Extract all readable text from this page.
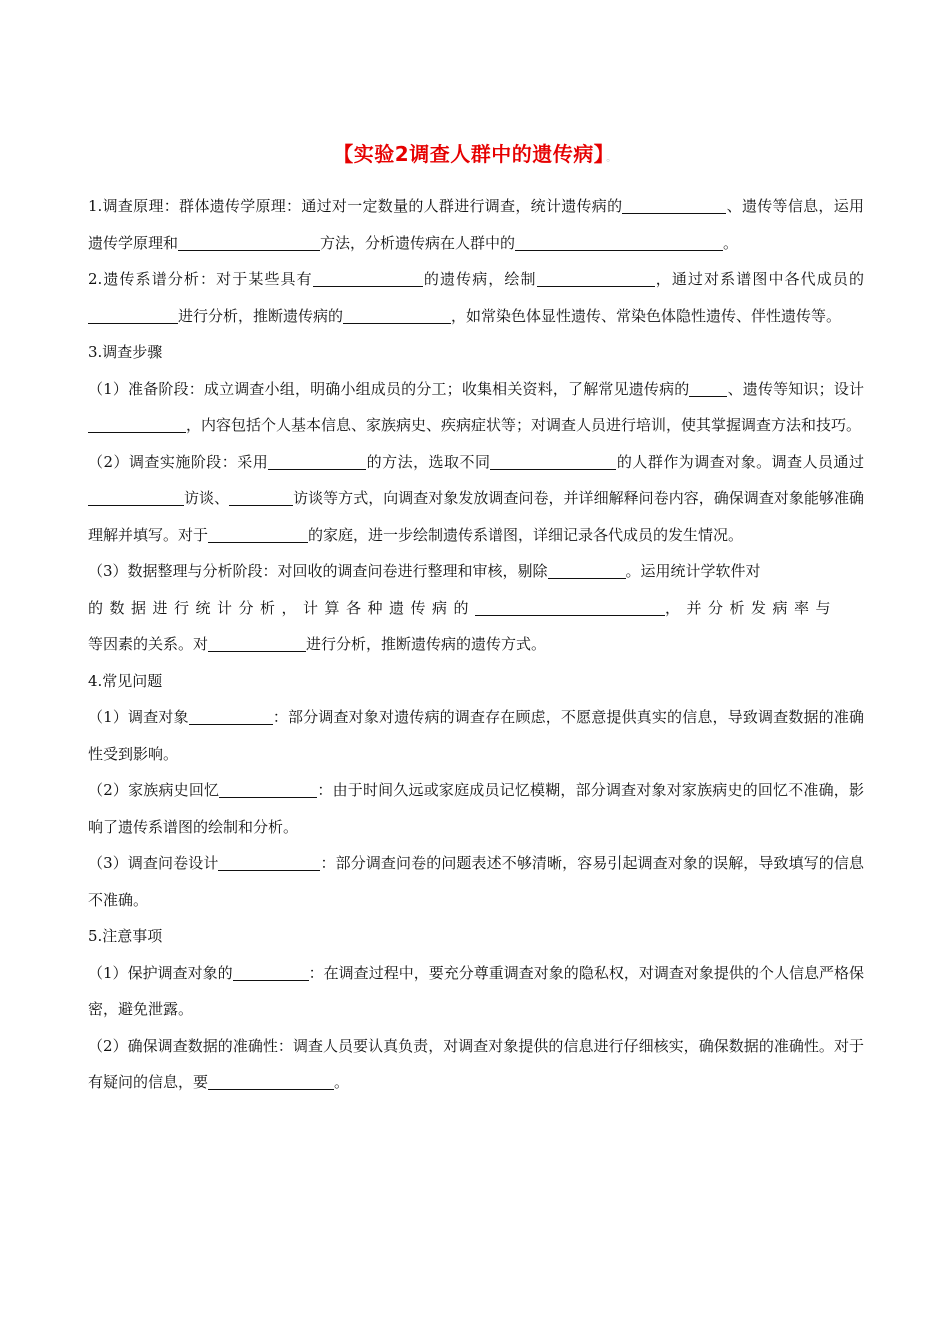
【实验2调查人群中的遗传病】 。

1.调查原理：群体遗传学原理：通过对一定数量的人群进行调查，统计遗传病的	、遗传等信息，运用遗传学原理和	方法，分析遗传病在人群中的	。

2.遗传系谱分析：对于某些具有	的遗传病，绘制	，通过对系谱图中各代成员的进行分析，推断遗传病的	，如常染色体显性遗传、常染色体隐性遗传、伴性遗传等。

3.调查步骤

（1）准备阶段：成立调查小组，明确小组成员的分工；收集相关资料，了解常见遗传病的	、遗传等知识；设计，内容包括个人基本信息、家族病史、疾病症状等；对调查人员进行培训，使其掌握调查方法和技巧。

（2）调查实施阶段：采用	的方法，选取不同	的人群作为调查对象。调查人员通过访谈、	访谈等方式，向调查对象发放调查问卷，并详细解释问卷内容，确保调查对象能够准确理解并填写。对于	的家庭，进一步绘制遗传系谱图，详细记录各代成员的发生情况。

（3）数据整理与分析阶段：对回收的调查问卷进行整理和审核，剔除	。运用统计学软件对
的数据进行统计分析，计算各种遗传病的	，并分析发病率与
等因素的关系。对	进行分析，推断遗传病的遗传方式。

4.常见问题

（1）调查对象	：部分调查对象对遗传病的调查存在顾虑，不愿意提供真实的信息，导致调查数据的准确性受到影响。

（2）家族病史回忆	：由于时间久远或家庭成员记忆模糊，部分调查对象对家族病史的回忆不准确，影响了遗传系谱图的绘制和分析。

（3）调查问卷设计	：部分调查问卷的问题表述不够清晰，容易引起调查对象的误解，导致填写的信息不准确。

5.注意事项

（1）保护调查对象的	：在调查过程中，要充分尊重调查对象的隐私权，对调查对象提供的个人信息严格保密，避免泄露。

（2）确保调查数据的准确性：调查人员要认真负责，对调查对象提供的信息进行仔细核实，确保数据的准确性。对于有疑问的信息，要	。
